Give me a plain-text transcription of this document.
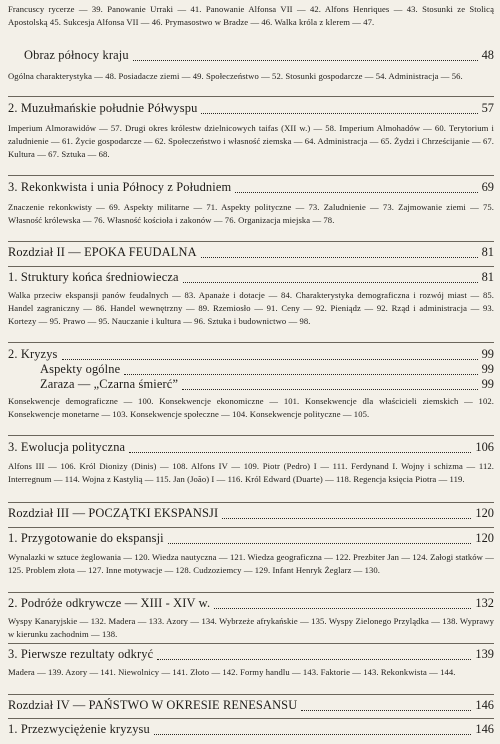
Francuscy rycerze — 39. Panowanie Urraki — 41. Panowanie Alfonsa VII — 42. Alfons Henriques — 43. Stosunki ze Stolicą Apostolską 45. Sukcesja Alfonsa VII — 46. Prymasostwo w Bradze — 46. Walka króla z klerem — 47.

Obraz północy kraju	48

Ogólna charakterystyka — 48. Posiadacze ziemi — 49. Społeczeństwo — 52. Stosunki gospodarcze — 54. Administracja — 56.

2. Muzułmańskie południe Półwyspu	57

Imperium Almorawidów — 57. Drugi okres królestw dzielnicowych taifas (XII w.) — 58. Imperium Almohadów — 60. Terytorium i zaludnienie — 61. Życie gospodarcze — 62. Społeczeństwo i własność ziemska — 64. Administracja — 65. Żydzi i Chrześcijanie — 67. Kultura — 67. Sztuka — 68.

3. Rekonkwista i unia Północy z Południem	69

Znaczenie rekonkwisty — 69. Aspekty militarne — 71. Aspekty polityczne — 73. Zaludnienie — 73. Zajmowanie ziemi — 75. Własność królewska — 76. Własność kościoła i zakonów — 76. Organizacja miejska — 78.

Rozdział II — EPOKA FEUDALNA	81
1. Struktury końca średniowiecza	81

Walka przeciw ekspansji panów feudalnych — 83. Apanaże i dotacje — 84. Charakterystyka demograficzna i rozwój miast — 85. Handel zagraniczny — 86. Handel wewnętrzny — 89. Rzemiosło — 91. Ceny — 92. Pieniądz — 92. Rząd i administracja — 93. Kortezy — 95. Prawo — 95. Nauczanie i kultura — 96. Sztuka i budownictwo — 98.

2. Kryzys	99
Aspekty ogólne	99
Zaraza — „Czarna śmierć”	99

Konsekwencje demograficzne — 100. Konsekwencje ekonomiczne — 101. Konsekwencje dla właścicieli ziemskich — 102. Konsekwencje monetarne — 103. Konsekwencje społeczne — 104. Konsekwencje polityczne — 105.

3. Ewolucja polityczna	106

Alfons III — 106. Król Dionizy (Dinis) — 108. Alfons IV — 109. Piotr (Pedro) I — 111. Ferdynand I. Wojny i schizma — 112. Interregnum — 114. Wojna z Kastylią — 115. Jan (João) I — 116. Król Edward (Duarte) — 118. Regencja księcia Piotra — 119.

Rozdział III — POCZĄTKI EKSPANSJI	120
1. Przygotowanie do ekspansji	120

Wynalazki w sztuce żeglowania — 120. Wiedza nautyczna — 121. Wiedza geograficzna — 122. Prezbiter Jan — 124. Załogi statków — 125. Problem złota — 127. Inne motywacje — 128. Cudzoziemcy — 129. Infant Henryk Żeglarz — 130.

2. Podróże odkrywcze — XIII - XIV w.	132

Wyspy Kanaryjskie — 132. Madera — 133. Azory — 134. Wybrzeże afrykańskie — 135. Wyspy Zielonego Przylądka — 138. Wyprawy w kierunku zachodnim — 138.

3. Pierwsze rezultaty odkryć	139

Madera — 139. Azory — 141. Niewolnicy — 141. Złoto — 142. Formy handlu — 143. Faktorie — 143. Rekonkwista — 144.

Rozdział IV — PAŃSTWO W OKRESIE RENESANSU	146
1. Przezwyciężenie kryzysu	146
